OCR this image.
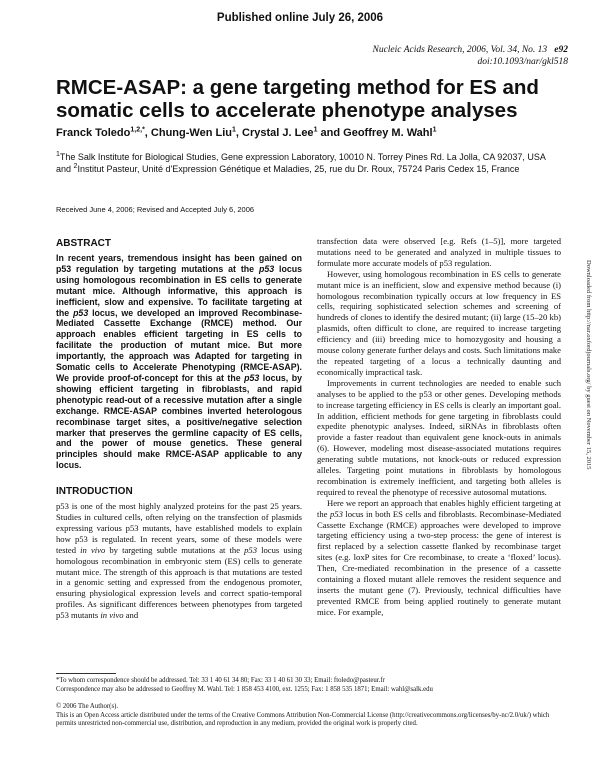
Published online July 26, 2006
Nucleic Acids Research, 2006, Vol. 34, No. 13 e92
doi:10.1093/nar/gkl518
RMCE-ASAP: a gene targeting method for ES and
somatic cells to accelerate phenotype analyses
Franck Toledo$^{1,2,*}$, Chung-Wen Liu$^1$, Crystal J. Lee$^1$ and Geoffrey M. Wahl$^1$
$^1$The Salk Institute for Biological Studies, Gene expression Laboratory, 10010 N. Torrey Pines Rd. La Jolla, CA 92037, USA and $^2$Institut Pasteur, Unité d'Expression Génétique et Maladies, 25, rue du Dr. Roux, 75724 Paris Cedex 15, France
Received June 4, 2006; Revised and Accepted July 6, 2006
ABSTRACT

In recent years, tremendous insight has been gained on p53 regulation by targeting mutations at the p53 locus using homologous recombination in ES cells to generate mutant mice. Although informative, this approach is inefficient, slow and expensive. To facilitate targeting at the p53 locus, we developed an improved Recombinase-Mediated Cassette Exchange (RMCE) method. Our approach enables efficient targeting in ES cells to facilitate the production of mutant mice. But more importantly, the approach was Adapted for targeting in Somatic cells to Accelerate Phenotyping (RMCE-ASAP). We provide proof-of-concept for this at the p53 locus, by showing efficient targeting in fibroblasts, and rapid phenotypic read-out of a recessive mutation after a single exchange. RMCE-ASAP combines inverted heterologous recombinase target sites, a positive/negative selection marker that preserves the germline capacity of ES cells, and the power of mouse genetics. These general principles should make RMCE-ASAP applicable to any locus.

INTRODUCTION

p53 is one of the most highly analyzed proteins for the past 25 years. Studies in cultured cells, often relying on the transfection of plasmids expressing various p53 mutants, have established models to explain how p53 is regulated. In recent years, some of these models were tested in vivo by targeting subtle mutations at the p53 locus using homologous recombination in embryonic stem (ES) cells to generate mutant mice. The strength of this approach is that mutations are tested in a genomic setting and expressed from the endogenous promoter, ensuring physiological expression levels and correct spatio-temporal profiles. As significant differences between phenotypes from targeted p53 mutants in vivo and

transfection data were observed [e.g. Refs (1–5)], more targeted mutations need to be generated and analyzed in multiple tissues to formulate more accurate models of p53 regulation.

However, using homologous recombination in ES cells to generate mutant mice is an inefficient, slow and expensive method because (i) homologous recombination typically occurs at low frequency in ES cells, requiring sophisticated selection schemes and screening of hundreds of clones to identify the desired mutant; (ii) large (15–20 kb) plasmids, often difficult to clone, are required to increase targeting efficiency and (iii) breeding mice to homozygosity and housing a mouse colony generate further delays and costs. Such limitations make the repeated targeting of a locus a technically daunting and economically impractical task.

Improvements in current technologies are needed to enable such analyses to be applied to the p53 or other genes. Developing methods to increase targeting efficiency in ES cells is clearly an important goal. In addition, efficient methods for gene targeting in fibroblasts could expedite phenotypic analyses. Indeed, siRNAs in fibroblasts often provide a faster readout than equivalent gene knock-outs in animals (6). However, modeling most disease-associated mutations requires generating subtle mutations, not knock-outs or reduced expression alleles. Targeting point mutations in fibroblasts by homologous recombination is extremely inefficient, and targeting both alleles is required to reveal the phenotype of recessive autosomal mutations.

Here we report an approach that enables highly efficient targeting at the p53 locus in both ES cells and fibroblasts. Recombinase-Mediated Cassette Exchange (RMCE) approaches were developed to improve targeting efficiency using a two-step process: the gene of interest is first replaced by a selection cassette flanked by recombinase target sites (e.g. loxP sites for Cre recombinase, to create a ‘floxed’ locus). Then, Cre-mediated recombination in the presence of a cassette containing a floxed mutant allele removes the resident sequence and inserts the mutant gene (7). Previously, technical difficulties have prevented RMCE from being applied routinely to generate mutant mice. For example,

*To whom correspondence should be addressed. Tel: 33 1 40 61 34 80; Fax: 33 1 40 61 30 33; Email: ftoledo@pasteur.fr
Correspondence may also be addressed to Geoffrey M. Wahl. Tel: 1 858 453 4100, ext. 1255; Fax: 1 858 535 1871; Email: wahl@salk.edu
© 2006 The Author(s).
This is an Open Access article distributed under the terms of the Creative Commons Attribution Non-Commercial License (http://creativecommons.org/licenses/by-nc/2.0/uk/) which permits unrestricted non-commercial use, distribution, and reproduction in any medium, provided the original work is properly cited.
Downloaded from http://nar.oxfordjournals.org/ by guest on November 15, 2015
